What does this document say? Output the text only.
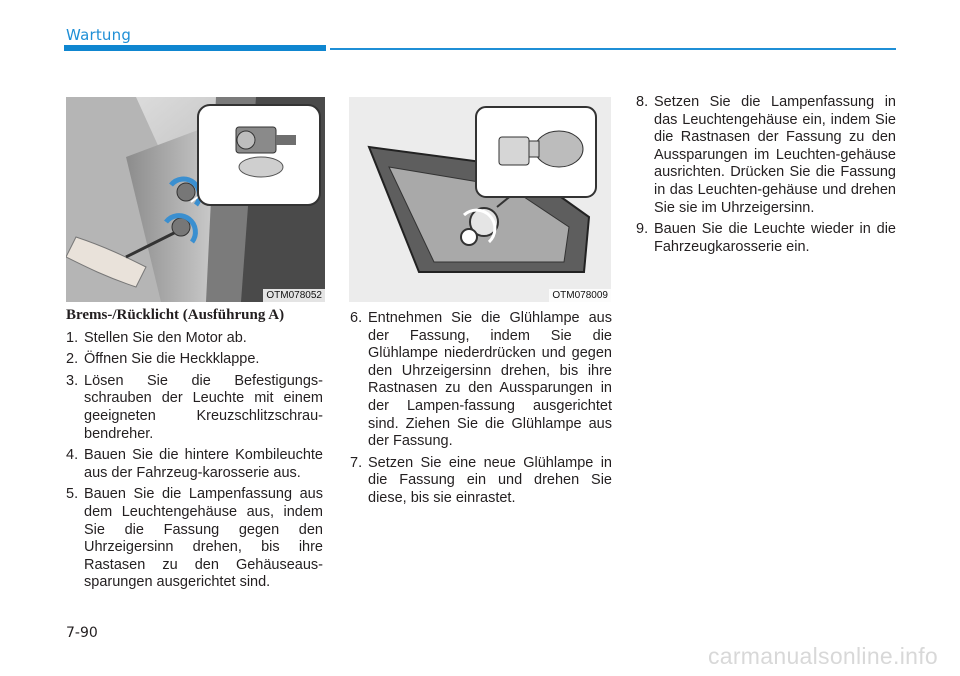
Wartung
OTM078052	OTM078009
Brems-/Rücklicht (Ausführung A)
1. Stellen Sie den Motor ab.
2. Öffnen Sie die Heckklappe.
3. Lösen Sie die Befestigungs-schrauben der Leuchte mit einem geeigneten Kreuzschlitzschrau-bendreher.
4. Bauen Sie die hintere Kombileuchte aus der Fahrzeug-karosserie aus.
5. Bauen Sie die Lampenfassung aus dem Leuchtengehäuse aus, indem Sie die Fassung gegen den Uhrzeigersinn drehen, bis ihre Rastasen zu den Gehäuseaus-sparungen ausgerichtet sind.
6. Entnehmen Sie die Glühlampe aus der Fassung, indem Sie die Glühlampe niederdrücken und gegen den Uhrzeigersinn drehen, bis ihre Rastnasen zu den Aussparungen in der Lampen-fassung ausgerichtet sind. Ziehen Sie die Glühlampe aus der Fassung.
7. Setzen Sie eine neue Glühlampe in die Fassung ein und drehen Sie diese, bis sie einrastet.
8. Setzen Sie die Lampenfassung in das Leuchtengehäuse ein, indem Sie die Rastnasen der Fassung zu den Aussparungen im Leuchten-gehäuse ausrichten. Drücken Sie die Fassung in das Leuchten-gehäuse und drehen Sie sie im Uhrzeigersinn.
9. Bauen Sie die Leuchte wieder in die Fahrzeugkarosserie ein.
7-90
carmanualsonline.info
